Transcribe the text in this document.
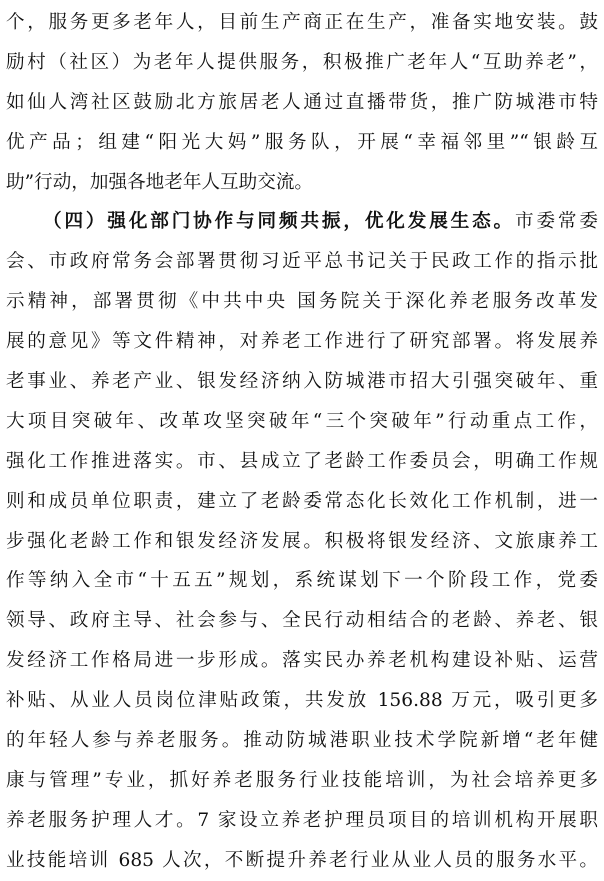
个，服务更多老年人，目前生产商正在生产，准备实地安装。鼓
励村（社区）为老年人提供服务，积极推广老年人“互助养老”，
如仙人湾社区鼓励北方旅居老人通过直播带货，推广防城港市特
优产品；组建“阳光大妈”服务队，开展“幸福邻里”“银龄互
助”行动，加强各地老年人互助交流。
（四）强化部门协作与同频共振，优化发展生态。市委常委
会、市政府常务会部署贯彻习近平总书记关于民政工作的指示批
示精神，部署贯彻《中共中央 国务院关于深化养老服务改革发
展的意见》等文件精神，对养老工作进行了研究部署。将发展养
老事业、养老产业、银发经济纳入防城港市招大引强突破年、重
大项目突破年、改革攻坚突破年“三个突破年”行动重点工作，
强化工作推进落实。市、县成立了老龄工作委员会，明确工作规
则和成员单位职责，建立了老龄委常态化长效化工作机制，进一
步强化老龄工作和银发经济发展。积极将银发经济、文旅康养工
作等纳入全市“十五五”规划，系统谋划下一个阶段工作，党委
领导、政府主导、社会参与、全民行动相结合的老龄、养老、银
发经济工作格局进一步形成。落实民办养老机构建设补贴、运营
补贴、从业人员岗位津贴政策，共发放 156.88 万元，吸引更多
的年轻人参与养老服务。推动防城港职业技术学院新增“老年健
康与管理”专业，抓好养老服务行业技能培训，为社会培养更多
养老服务护理人才。7 家设立养老护理员项目的培训机构开展职
业技能培训 685 人次，不断提升养老行业从业人员的服务水平。
